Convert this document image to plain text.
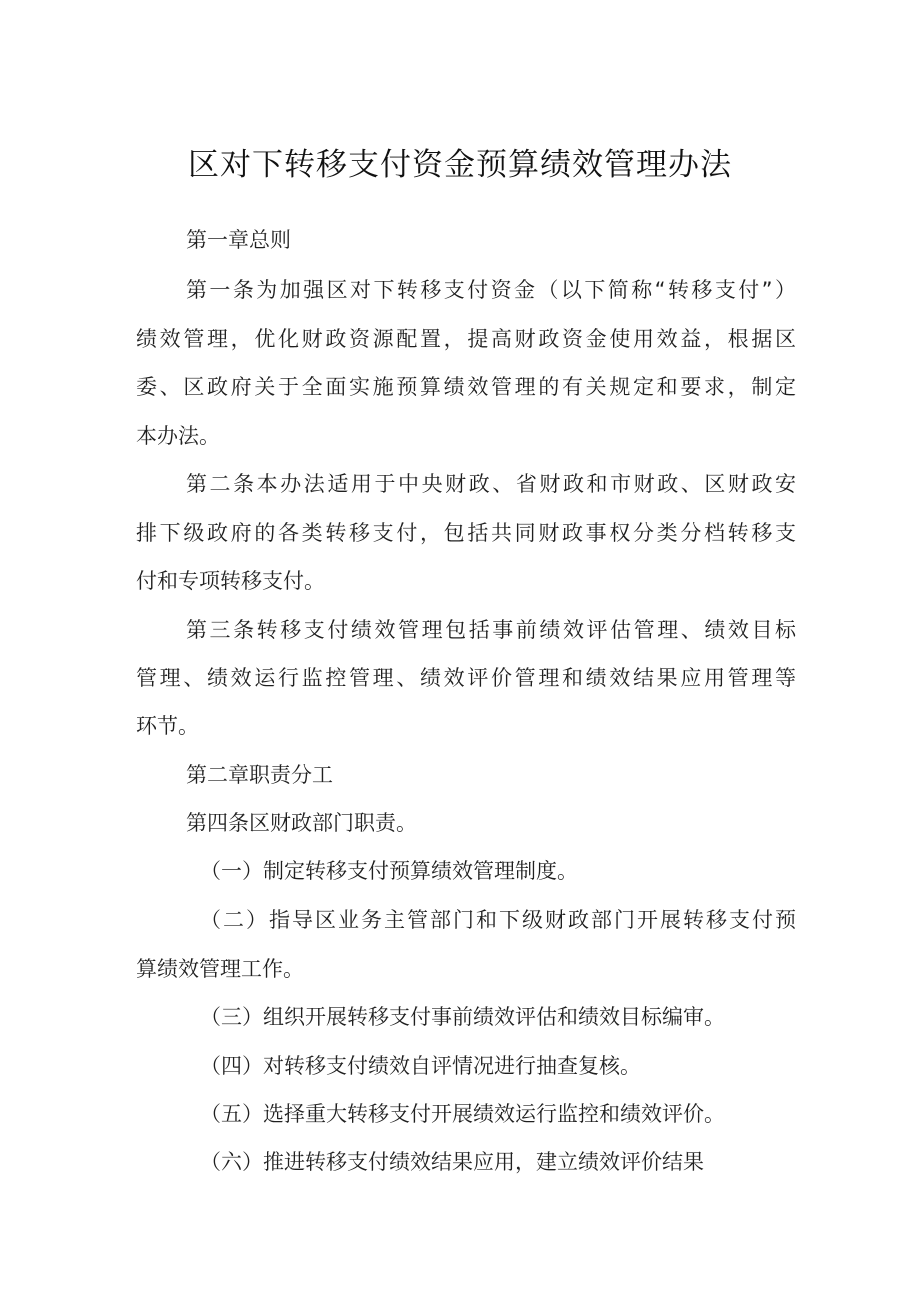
区对下转移支付资金预算绩效管理办法

第一章总则

第一条为加强区对下转移支付资金（以下简称“转移支付”）

绩效管理，优化财政资源配置，提高财政资金使用效益，根据区

委、区政府关于全面实施预算绩效管理的有关规定和要求，制定

本办法。

第二条本办法适用于中央财政、省财政和市财政、区财政安

排下级政府的各类转移支付，包括共同财政事权分类分档转移支

付和专项转移支付。

第三条转移支付绩效管理包括事前绩效评估管理、绩效目标

管理、绩效运行监控管理、绩效评价管理和绩效结果应用管理等

环节。

第二章职责分工

第四条区财政部门职责。

（一）制定转移支付预算绩效管理制度。

（二）指导区业务主管部门和下级财政部门开展转移支付预

算绩效管理工作。

（三）组织开展转移支付事前绩效评估和绩效目标编审。

（四）对转移支付绩效自评情况进行抽查复核。

（五）选择重大转移支付开展绩效运行监控和绩效评价。

（六）推进转移支付绩效结果应用，建立绩效评价结果
